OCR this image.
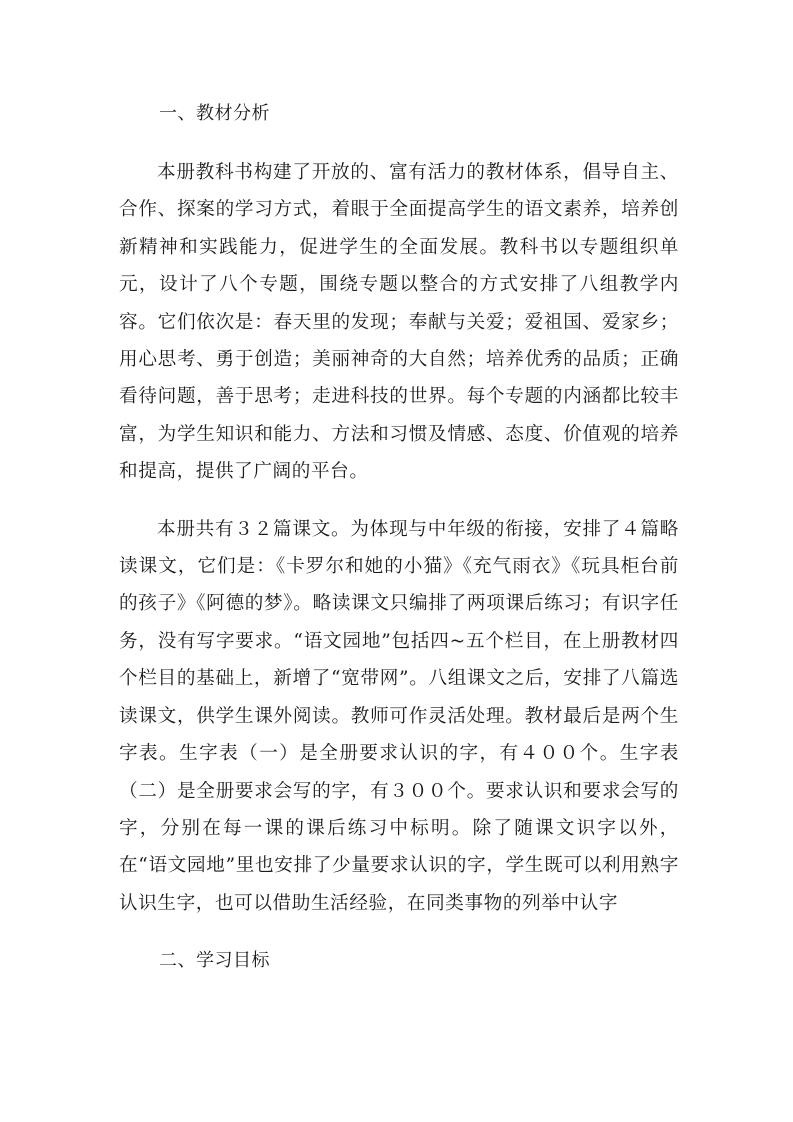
一、教材分析

本册教科书构建了开放的、富有活力的教材体系，倡导自主、合作、探案的学习方式，着眼于全面提高学生的语文素养，培养创新精神和实践能力，促进学生的全面发展。教科书以专题组织单元，设计了八个专题，围绕专题以整合的方式安排了八组教学内容。它们依次是：春天里的发现；奉献与关爱；爱祖国、爱家乡；用心思考、勇于创造；美丽神奇的大自然；培养优秀的品质；正确看待问题，善于思考；走进科技的世界。每个专题的内涵都比较丰富，为学生知识和能力、方法和习惯及情感、态度、价值观的培养和提高，提供了广阔的平台。

本册共有３２篇课文。为体现与中年级的衔接，安排了４篇略读课文，它们是：《卡罗尔和她的小猫》《充气雨衣》《玩具柜台前的孩子》《阿德的梦》。略读课文只编排了两项课后练习；有识字任务，没有写字要求。“语文园地”包括四~五个栏目，在上册教材四个栏目的基础上，新增了“宽带网”。八组课文之后，安排了八篇选读课文，供学生课外阅读。教师可作灵活处理。教材最后是两个生字表。生字表（一）是全册要求认识的字，有４００个。生字表（二）是全册要求会写的字，有３００个。要求认识和要求会写的字，分别在每一课的课后练习中标明。除了随课文识字以外，在“语文园地”里也安排了少量要求认识的字，学生既可以利用熟字认识生字，也可以借助生活经验，在同类事物的列举中认字

二、学习目标
